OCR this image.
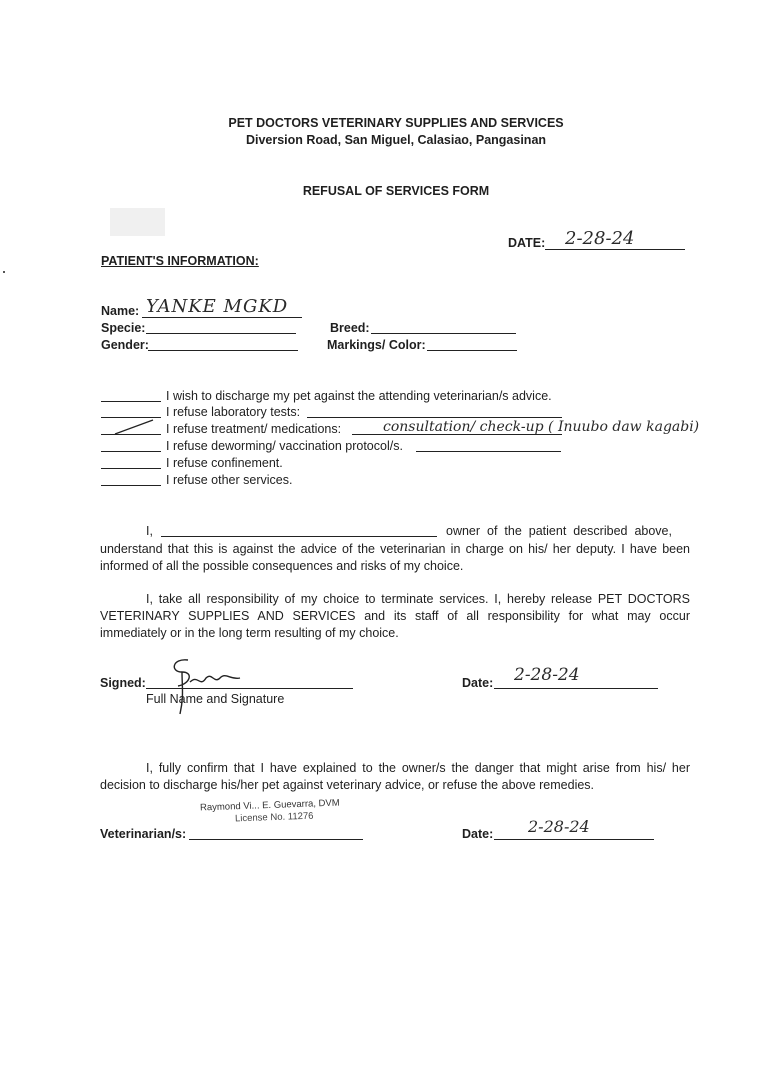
PET DOCTORS VETERINARY SUPPLIES AND SERVICES
Diversion Road, San Miguel, Calasiao, Pangasinan
REFUSAL OF SERVICES FORM
DATE: 2-28-24
PATIENT'S INFORMATION:
Name: YANKE MGKD
Specie:	Breed:
Gender:	Markings/ Color:
I wish to discharge my pet against the attending veterinarian/s advice.
I refuse laboratory tests:
I refuse treatment/ medications:	consultation/ check-up ( Inuubo daw kagabi)
I refuse deworming/ vaccination protocol/s.
I refuse confinement.
I refuse other services.
I,	owner of the patient described above,
understand that this is against the advice of the veterinarian in charge on his/ her deputy. I have been informed of all the possible consequences and risks of my choice.
I, take all responsibility of my choice to terminate services. I, hereby release PET DOCTORS VETERINARY SUPPLIES AND SERVICES and its staff of all responsibility for what may occur immediately or in the long term resulting of my choice.
Signed:
Full Name and Signature
Date: 2-28-24
I, fully confirm that I have explained to the owner/s the danger that might arise from his/ her decision to discharge his/her pet against veterinary advice, or refuse the above remedies.
Raymond Vi... E. Guevarra, DVM
License No. 11276
Veterinarian/s:	Date: 2-28-24
